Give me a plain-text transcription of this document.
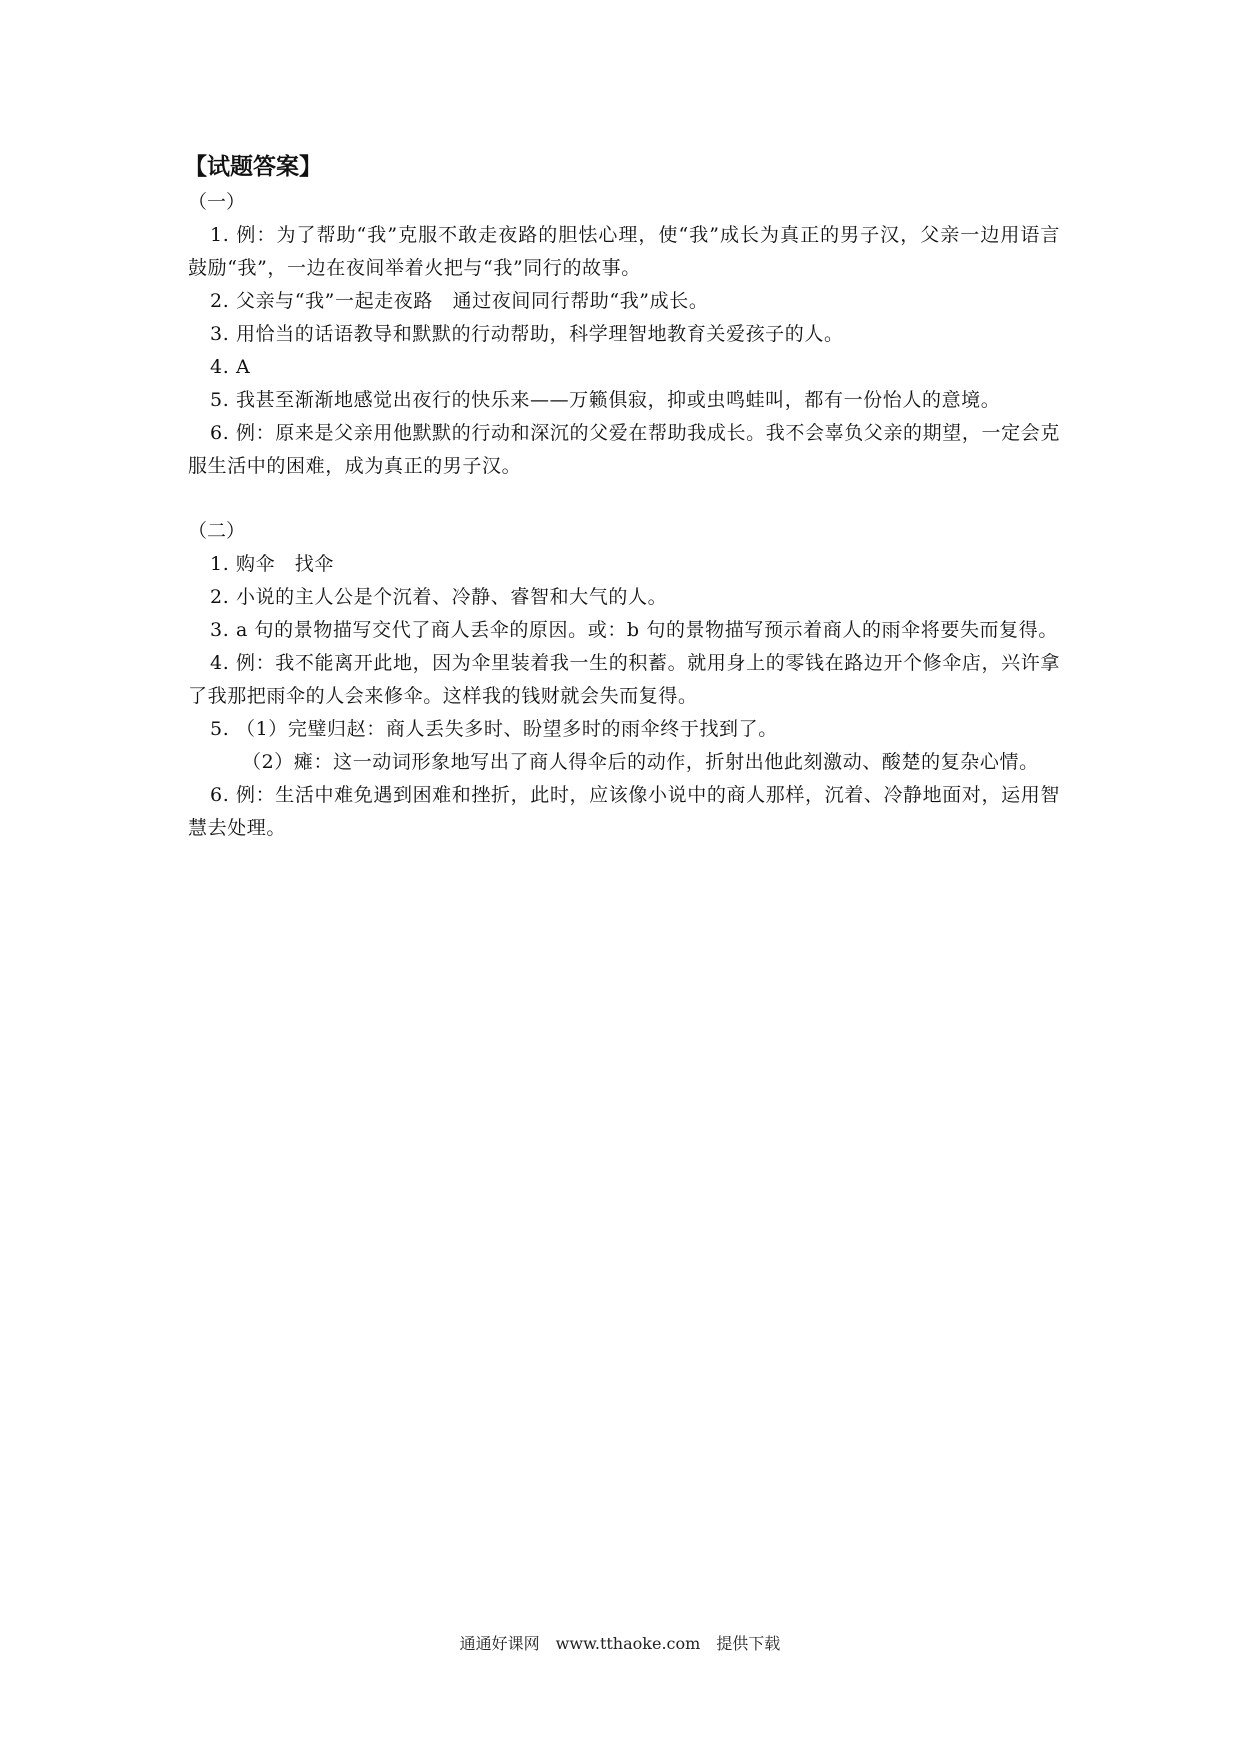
【试题答案】

（一）

1. 例：为了帮助“我”克服不敢走夜路的胆怯心理，使“我”成长为真正的男子汉，父亲一边用语言鼓励“我”，一边在夜间举着火把与“我”同行的故事。

2. 父亲与“我”一起走夜路　通过夜间同行帮助“我”成长。

3. 用恰当的话语教导和默默的行动帮助，科学理智地教育关爱孩子的人。

4. A

5. 我甚至渐渐地感觉出夜行的快乐来——万籁俱寂，抑或虫鸣蛙叫，都有一份怡人的意境。

6. 例：原来是父亲用他默默的行动和深沉的父爱在帮助我成长。我不会辜负父亲的期望，一定会克服生活中的困难，成为真正的男子汉。

（二）

1. 购伞　找伞

2. 小说的主人公是个沉着、冷静、睿智和大气的人。

3. a 句的景物描写交代了商人丢伞的原因。或：b 句的景物描写预示着商人的雨伞将要失而复得。

4. 例：我不能离开此地，因为伞里装着我一生的积蓄。就用身上的零钱在路边开个修伞店，兴许拿了我那把雨伞的人会来修伞。这样我的钱财就会失而复得。

5. （1）完璧归赵：商人丢失多时、盼望多时的雨伞终于找到了。

（2）瘫：这一动词形象地写出了商人得伞后的动作，折射出他此刻激动、酸楚的复杂心情。

6. 例：生活中难免遇到困难和挫折，此时，应该像小说中的商人那样，沉着、冷静地面对，运用智慧去处理。

通通好课网　www.tthaoke.com　提供下载
